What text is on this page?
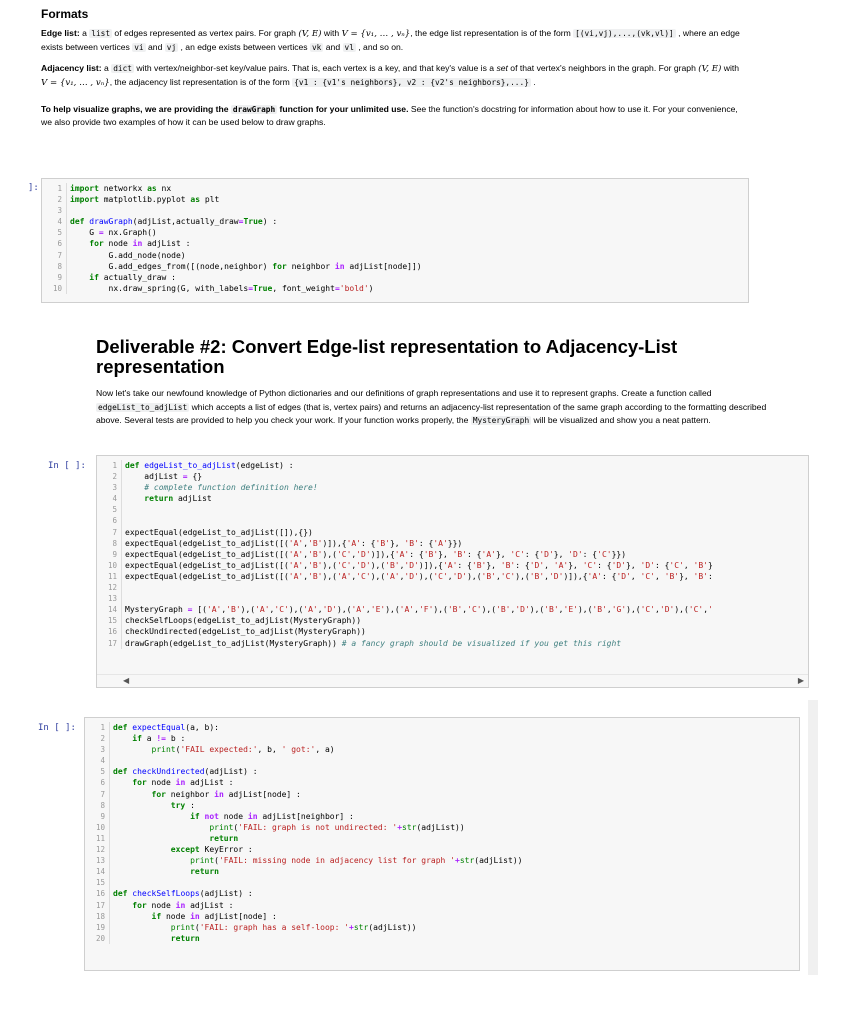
Formats

Edge list: a list of edges represented as vertex pairs. For graph (V, E) with V = {v₁, … , vₙ}, the edge list representation is of the form [(vi,vj),...,(vk,vl)] , where an edge exists between vertices vi and vj , an edge exists between vertices vk and vl , and so on.

Adjacency list: a dict with vertex/neighbor-set key/value pairs. That is, each vertex is a key, and that key's value is a set of that vertex's neighbors in the graph. For graph (V, E) with V = {v₁, … , vₙ}, the adjacency list representation is of the form {v1 : {v1's neighbors}, v2 : {v2's neighbors},...} .

To help visualize graphs, we are providing the drawGraph function for your unlimited use. See the function's docstring for information about how to use it. For your convenience, we also provide two examples of how it can be used below to draw graphs.

]:	1
2
3
4
5
6
7
8
9
10
import networkx as nx
import matplotlib.pyplot as plt

def drawGraph(adjList,actually_draw=True) :
G = nx.Graph()
for node in adjList :
G.add_node(node)
G.add_edges_from([(node,neighbor) for neighbor in adjList[node]])
if actually_draw :
nx.draw_spring(G, with_labels=True, font_weight='bold')
Deliverable #2: Convert Edge-list representation to Adjacency-List representation

Now let's take our newfound knowledge of Python dictionaries and our definitions of graph representations and use it to represent graphs. Create a function called edgeList_to_adjList which accepts a list of edges (that is, vertex pairs) and returns an adjacency-list representation of the same graph according to the formatting described above. Several tests are provided to help you check your work. If your function works properly, the MysteryGraph will be visualized and show you a neat pattern.

In [ ]:	1
2
3
4
5
6
7
8
9
10
11
12
13
14
15
16
17
def edgeList_to_adjList(edgeList) :
adjList = {}
# complete function definition here!
return adjList

expectEqual(edgeList_to_adjList([]),{})
expectEqual(edgeList_to_adjList([('A','B')]),{'A': {'B'}, 'B': {'A'}})
expectEqual(edgeList_to_adjList([('A','B'),('C','D')]),{'A': {'B'}, 'B': {'A'}, 'C': {'D'}, 'D': {'C'}})
expectEqual(edgeList_to_adjList([('A','B'),('C','D'),('B','D')]),{'A': {'B'}, 'B': {'D', 'A'}, 'C': {'D'}, 'D': {'C', 'B'}
expectEqual(edgeList_to_adjList([('A','B'),('A','C'),('A','D'),('C','D'),('B','C'),('B','D')]),{'A': {'D', 'C', 'B'}, 'B':

MysteryGraph = [('A','B'),('A','C'),('A','D'),('A','E'),('A','F'),('B','C'),('B','D'),('B','E'),('B','G'),('C','D'),('C','
checkSelfLoops(edgeList_to_adjList(MysteryGraph))
checkUndirected(edgeList_to_adjList(MysteryGraph))
drawGraph(edgeList_to_adjList(MysteryGraph)) # a fancy graph should be visualized if you get this right
◀	▶
In [ ]:	1
2
3
4
5
6
7
8
9
10
11
12
13
14
15
16
17
18
19
20
def expectEqual(a, b):
if a != b :
print('FAIL expected:', b, ' got:', a)

def checkUndirected(adjList) :
for node in adjList :
for neighbor in adjList[node] :
try :
if not node in adjList[neighbor] :
print('FAIL: graph is not undirected: '+str(adjList))
return
except KeyError :
print('FAIL: missing node in adjacency list for graph '+str(adjList))
return

def checkSelfLoops(adjList) :
for node in adjList :
if node in adjList[node] :
print('FAIL: graph has a self-loop: '+str(adjList))
return
